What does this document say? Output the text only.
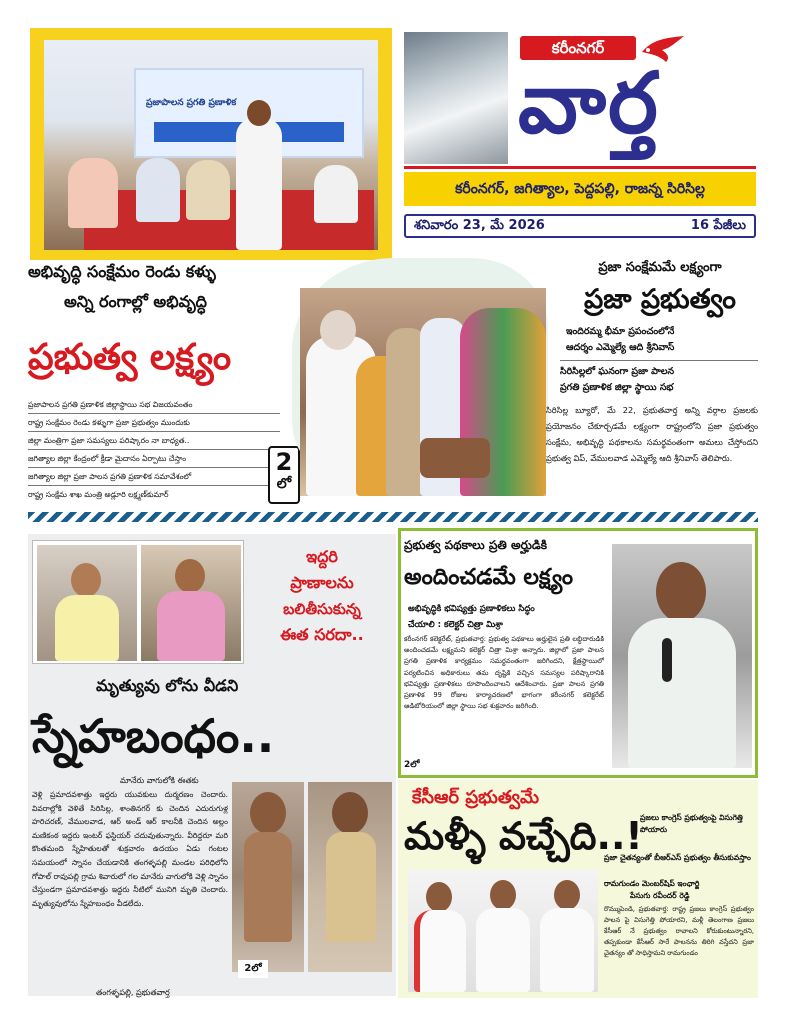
ప్రజాపాలన ప్రగతి ప్రణాళిక
కరీంనగర్
వార్త
కరీంనగర్, జగిత్యాల, పెద్దపల్లి, రాజన్న సిరిసిల్ల
శనివారం 23, మే 2026	16 పేజీలు
అభివృద్ధి సంక్షేమం రెండు కళ్ళు
అన్ని రంగాల్లో అభివృద్ధి
ప్రభుత్వ లక్ష్యం
ప్రజాపాలన ప్రగతి ప్రణాళిక జిల్లాస్థాయి సభ విజయవంతం
రాష్ట్ర సంక్షేమం రెండు కళ్ళుగా ప్రజా ప్రభుత్వం ముందుకు
జిల్లా మంత్రిగా ప్రజా సమస్యలు పరిష్కారం నా బాధ్యత..
జగిత్యాల జిల్లా కేంద్రంలో క్రీడా మైదానం ఏర్పాటు చేస్తాం
జగిత్యాల జిల్లా ప్రజా పాలన ప్రగతి ప్రణాళిక సమావేశంలో
రాష్ట్ర సంక్షేమ శాఖ మంత్రి అడ్లూరి లక్ష్మణ్‌కుమార్
2
లో
ప్రజా సంక్షేమమే లక్ష్యంగా
ప్రజా ప్రభుత్వం
ఇందిరమ్మ భీమా ప్రపంచంలోనే
ఆదర్శం ఎమ్మెల్యే ఆది శ్రీనివాస్
సిరిసిల్లలో ఘనంగా ప్రజా పాలన
ప్రగతి ప్రణాళిక జిల్లా స్థాయి సభ
సిరిసిల్ల బ్యూరో, మే 22, ప్రభుతవార్త అన్ని వర్గాల ప్రజలకు ప్రయోజనం చేకూర్చడమే లక్ష్యంగా రాష్ట్రంలోని ప్రజా ప్రభుత్వం సంక్షేమ, అభివృద్ధి పథకాలను సమర్థవంతంగా అమలు చేస్తోందని ప్రభుత్వ విప్, వేములవాడ ఎమ్మెల్యే ఆది శ్రీనివాస్ తెలిపారు.
ఇద్దరి
ప్రాణాలను
బలితీసుకున్న
ఈత సరదా..
మృత్యువు లోను వీడని
స్నేహబంధం..
మానేరు వాగులోకి ఈతకు
వెళ్లి ప్రమాదవశాత్తు ఇద్దరు యువకులు దుర్మరణం చెందారు. వివరాల్లోకి వెళితే సిరిసిల్ల, శాంతినగర్ కు చెందిన ఎదురుగుళ్ల హరిచరణ్, వేములవాడ, ఆర్ అండ్ ఆర్ కాలనీకి చెందిన అల్లం మణికంఠ ఇద్దరు ఇంటర్ ఫస్టియర్ చదువుతున్నారు. వీరిద్దరూ మరి కొంతమంది స్నేహితులతో శుక్రవారం ఉదయం ఏడు గంటల సమయంలో స్నానం చేయడానికి తంగళ్ళపల్లి మండల పరిధిలోని గోపాల్ రావుపల్లి గ్రామ శివారులో గల మానేరు వాగులోకి వెళ్లి స్నానం చేస్తుండగా ప్రమాదవశాత్తు ఇద్దరు నీటిలో మునిగి మృతి చెందారు. మృత్యువులోను స్నేహబంధం వీడలేదు.
తంగళ్ళపల్లి, ప్రభుతవార్త
2లో
ప్రభుత్వ పథకాలు ప్రతి అర్హుడికి
అందించడమే లక్ష్యం
అభివృద్ధికి భవిష్యత్తు ప్రణాళికలు సిద్ధం
చేయాలి : కలెక్టర్ చిత్రా మిశ్రా
కరీంనగర్ కలెక్టరేట్, ప్రభుతవార్త: ప్రభుత్వ పథకాలు అర్హులైన ప్రతి లబ్ధిదారుడికి అందించడమే లక్ష్యమని కలెక్టర్ చిత్రా మిశ్రా అన్నారు. జిల్లాలో ప్రజా పాలన ప్రగతి ప్రణాళిక కార్యక్రమం సమర్థవంతంగా జరిగిందని, క్షేత్రస్థాయిలో పర్యటించిన అధికారులు తమ దృష్టికి వచ్చిన సమస్యల పరిష్కారానికి భవిష్యత్తు ప్రణాళికలు రూపొందించాలని ఆదేశించారు. ప్రజా పాలన ప్రగతి ప్రణాళిక 99 రోజుల కార్యాచరణలో భాగంగా కరీంనగర్ కలెక్టరేట్ ఆడిటోరియంలో జిల్లా స్థాయి సభ శుక్రవారం జరిగింది.
2లో
కేసీఆర్ ప్రభుత్వమే
మళ్ళీ వచ్చేది..!
ప్రజలు కాంగ్రెస్ ప్రభుత్వంపై విసుగెత్తి పోయారు
ప్రజా చైతన్యంతో బీఆర్ఎస్ ప్రభుత్వం తీసుకువస్తాం
రామగుండం మెంబర్‌షిప్ ఇంఛార్జి
పేసుగు రవీందర్ రెడ్డి
రొమ్ముపెండి, ప్రభుతవార్త: రాష్ట్ర ప్రజలు కాంగ్రెస్ ప్రభుత్వం పాలన పై విసుగెత్తి పోయారని, మళ్లీ తెలంగాణ ప్రజలు కేసీఆర్ నే ప్రభుత్వం రావాలని కోరుకుంటున్నారని, తప్పకుండా కేసీఆర్ సారే పాలనను తిరిగి వస్తేదని ప్రజా చైతన్యం తో సాధిస్తామని రామగుండం
